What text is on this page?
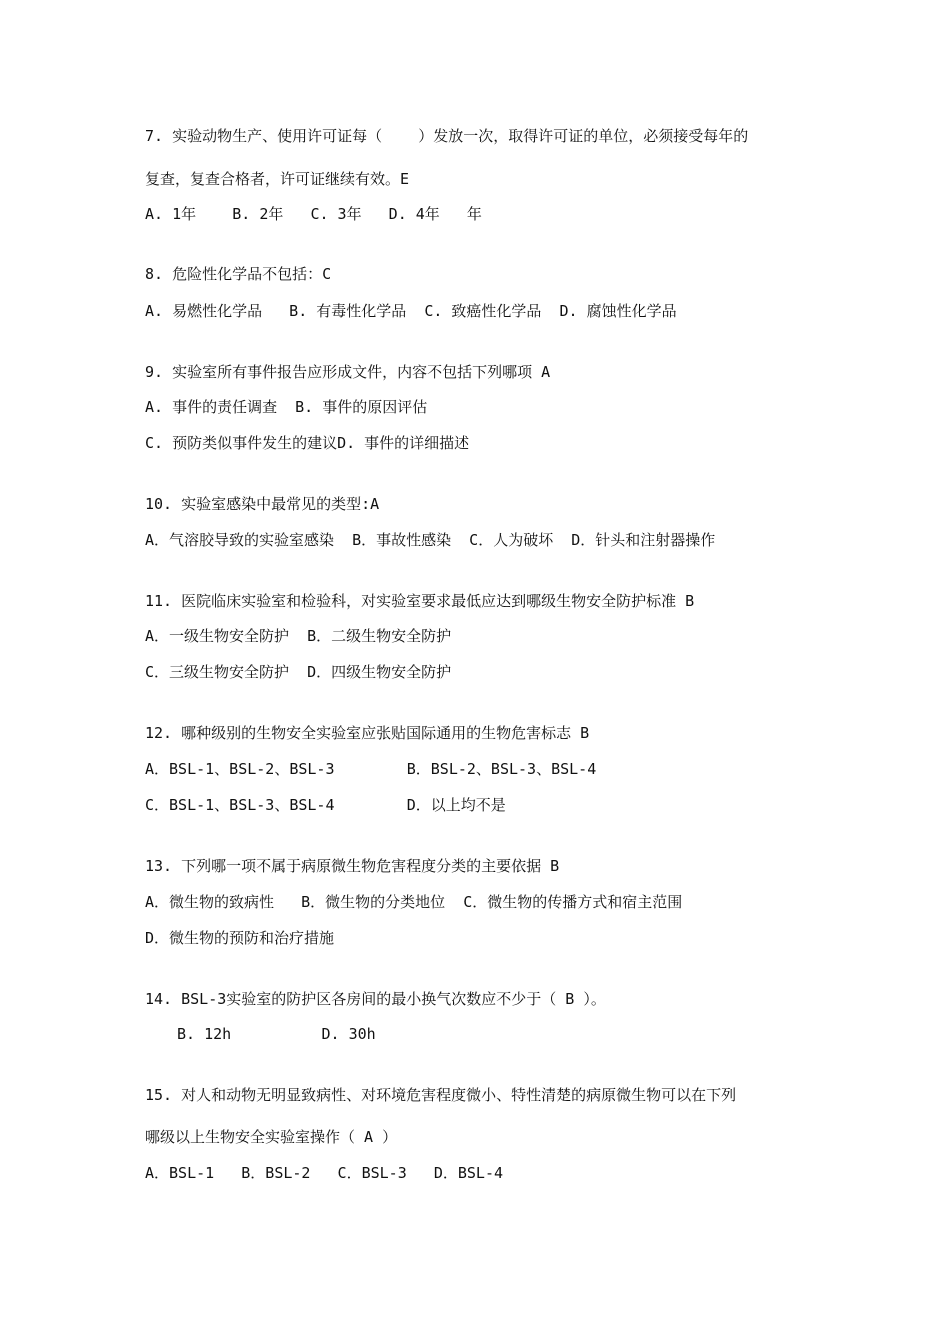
7. 实验动物生产、使用许可证每（    ）发放一次，取得许可证的单位，必须接受每年的
复查，复查合格者，许可证继续有效。E
A. 1年    B. 2年   C. 3年   D. 4年   年
8. 危险性化学品不包括：C
A. 易燃性化学品   B. 有毒性化学品  C. 致癌性化学品  D. 腐蚀性化学品
9. 实验室所有事件报告应形成文件，内容不包括下列哪项 A
A. 事件的责任调查  B. 事件的原因评估
C. 预防类似事件发生的建议D. 事件的详细描述
10. 实验室感染中最常见的类型:A
A．气溶胶导致的实验室感染  B．事故性感染  C．人为破坏  D．针头和注射器操作
11. 医院临床实验室和检验科，对实验室要求最低应达到哪级生物安全防护标准 B
A．一级生物安全防护  B．二级生物安全防护
C．三级生物安全防护  D．四级生物安全防护
12. 哪种级别的生物安全实验室应张贴国际通用的生物危害标志 B
A．BSL-1、BSL-2、BSL-3        B．BSL-2、BSL-3、BSL-4
C．BSL-1、BSL-3、BSL-4        D．以上均不是
13. 下列哪一项不属于病原微生物危害程度分类的主要依据 B
A．微生物的致病性   B．微生物的分类地位  C．微生物的传播方式和宿主范围
D．微生物的预防和治疗措施
14. BSL-3实验室的防护区各房间的最小换气次数应不少于（ B ）。
B. 12h          D. 30h
15. 对人和动物无明显致病性、对环境危害程度微小、特性清楚的病原微生物可以在下列
哪级以上生物安全实验室操作（ A ）
A．BSL-1   B．BSL-2   C．BSL-3   D．BSL-4
